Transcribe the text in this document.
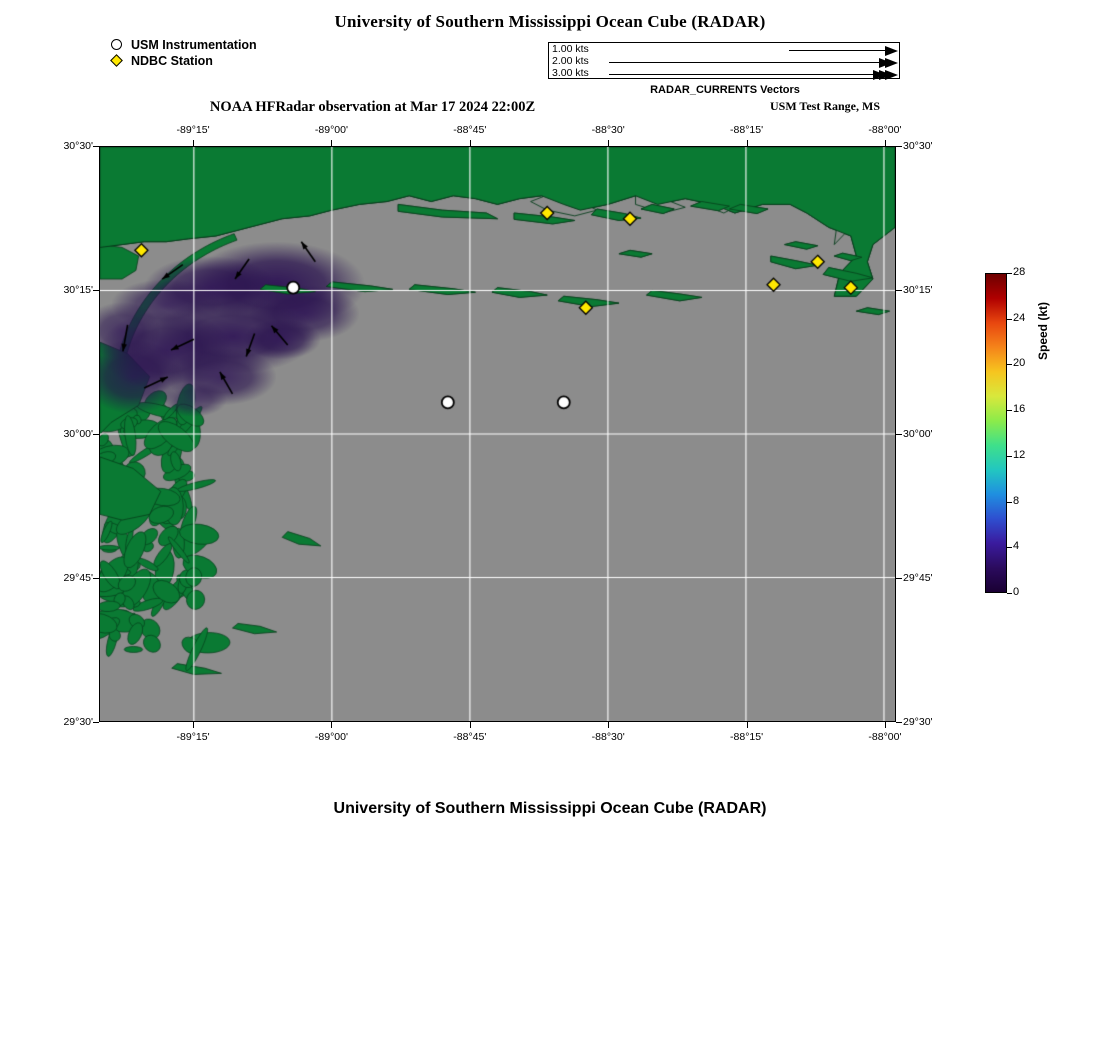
University of Southern Mississippi Ocean Cube (RADAR)
USM Instrumentation
NDBC Station
1.00 kts
2.00 kts
3.00 kts
RADAR_CURRENTS Vectors
NOAA HFRadar observation at Mar 17 2024 22:00Z	USM Test Range, MS
-89°15'
-89°15'
-89°00'
-89°00'
-88°45'
-88°45'
-88°30'
-88°30'
-88°15'
-88°15'
-88°00'
-88°00'
30°30'	30°30'
30°15'	30°15'
30°00'	30°00'
29°45'	29°45'
29°30'	29°30'
28
24
20
16
12
8
4
0
Speed (kt)
University of Southern Mississippi Ocean Cube (RADAR)
